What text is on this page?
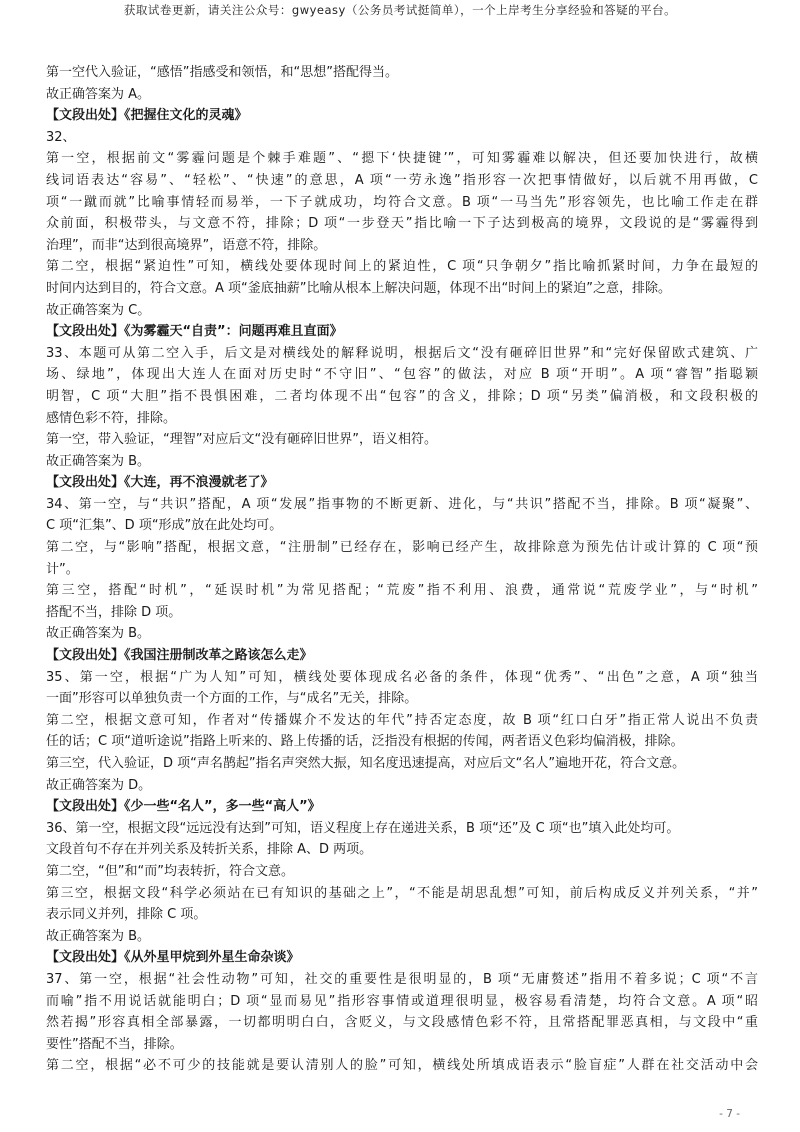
获取试卷更新，请关注公众号：gwyeasy（公务员考试挺简单），一个上岸考生分享经验和答疑的平台。
第一空代入验证，“感悟”指感受和领悟，和“思想”搭配得当。
故正确答案为 A。
【文段出处】《把握住文化的灵魂》
32、
第一空，根据前文“雾霾问题是个棘手难题”、“摁下‘快捷键’”，可知雾霾难以解决，但还要加快进行，故横
线词语表达“容易”、“轻松”、“快速”的意思，A 项“一劳永逸”指形容一次把事情做好，以后就不用再做，C
项“一蹴而就”比喻事情轻而易举，一下子就成功，均符合文意。B 项“一马当先”形容领先，也比喻工作走在群
众前面，积极带头，与文意不符，排除；D 项“一步登天”指比喻一下子达到极高的境界，文段说的是“雾霾得到
治理”，而非“达到很高境界”，语意不符，排除。
第二空，根据“紧迫性”可知，横线处要体现时间上的紧迫性，C 项“只争朝夕”指比喻抓紧时间，力争在最短的
时间内达到目的，符合文意。A 项“釜底抽薪”比喻从根本上解决问题，体现不出“时间上的紧迫”之意，排除。
故正确答案为 C。
【文段出处】《为雾霾天“自责”：问题再难且直面》
33、本题可从第二空入手，后文是对横线处的解释说明，根据后文“没有砸碎旧世界”和“完好保留欧式建筑、广
场、绿地”，体现出大连人在面对历史时“不守旧”、“包容”的做法，对应 B 项“开明”。A 项“睿智”指聪颖
明智，C 项“大胆”指不畏惧困难，二者均体现不出“包容”的含义，排除；D 项“另类”偏消极，和文段积极的
感情色彩不符，排除。
第一空，带入验证，“理智”对应后文“没有砸碎旧世界”，语义相符。
故正确答案为 B。
【文段出处】《大连，再不浪漫就老了》
34、第一空，与“共识”搭配，A 项“发展”指事物的不断更新、进化，与“共识”搭配不当，排除。B 项“凝聚”、
C 项“汇集”、D 项“形成”放在此处均可。
第二空，与“影响”搭配，根据文意，“注册制”已经存在，影响已经产生，故排除意为预先估计或计算的 C 项“预
计”。
第三空，搭配“时机”，“延误时机”为常见搭配；“荒废”指不利用、浪费，通常说“荒废学业”，与“时机”
搭配不当，排除 D 项。
故正确答案为 B。
【文段出处】《我国注册制改革之路该怎么走》
35、第一空，根据“广为人知”可知，横线处要体现成名必备的条件，体现“优秀”、“出色”之意，A 项“独当
一面”形容可以单独负责一个方面的工作，与“成名”无关，排除。
第二空，根据文意可知，作者对“传播媒介不发达的年代”持否定态度，故 B 项“红口白牙”指正常人说出不负责
任的话；C 项“道听途说”指路上听来的、路上传播的话，泛指没有根据的传闻，两者语义色彩均偏消极，排除。
第三空，代入验证，D 项“声名鹊起”指名声突然大振，知名度迅速提高，对应后文“名人”遍地开花，符合文意。
故正确答案为 D。
【文段出处】《少一些“名人”，多一些“高人”》
36、第一空，根据文段“远远没有达到”可知，语义程度上存在递进关系，B 项“还”及 C 项“也”填入此处均可。
文段首句不存在并列关系及转折关系，排除 A、D 两项。
第二空，“但”和“而”均表转折，符合文意。
第三空，根据文段“科学必须站在已有知识的基础之上”，“不能是胡思乱想”可知，前后构成反义并列关系，“并”
表示同义并列，排除 C 项。
故正确答案为 B。
【文段出处】《从外星甲烷到外星生命杂谈》
37、第一空，根据“社会性动物”可知，社交的重要性是很明显的，B 项“无庸赘述”指用不着多说；C 项“不言
而喻”指不用说话就能明白；D 项“显而易见”指形容事情或道理很明显，极容易看清楚，均符合文意。A 项“昭
然若揭”形容真相全部暴露，一切都明明白白，含贬义，与文段感情色彩不符，且常搭配罪恶真相，与文段中“重
要性”搭配不当，排除。
第二空，根据“必不可少的技能就是要认清别人的脸”可知，横线处所填成语表示“脸盲症”人群在社交活动中会
- 7 -
